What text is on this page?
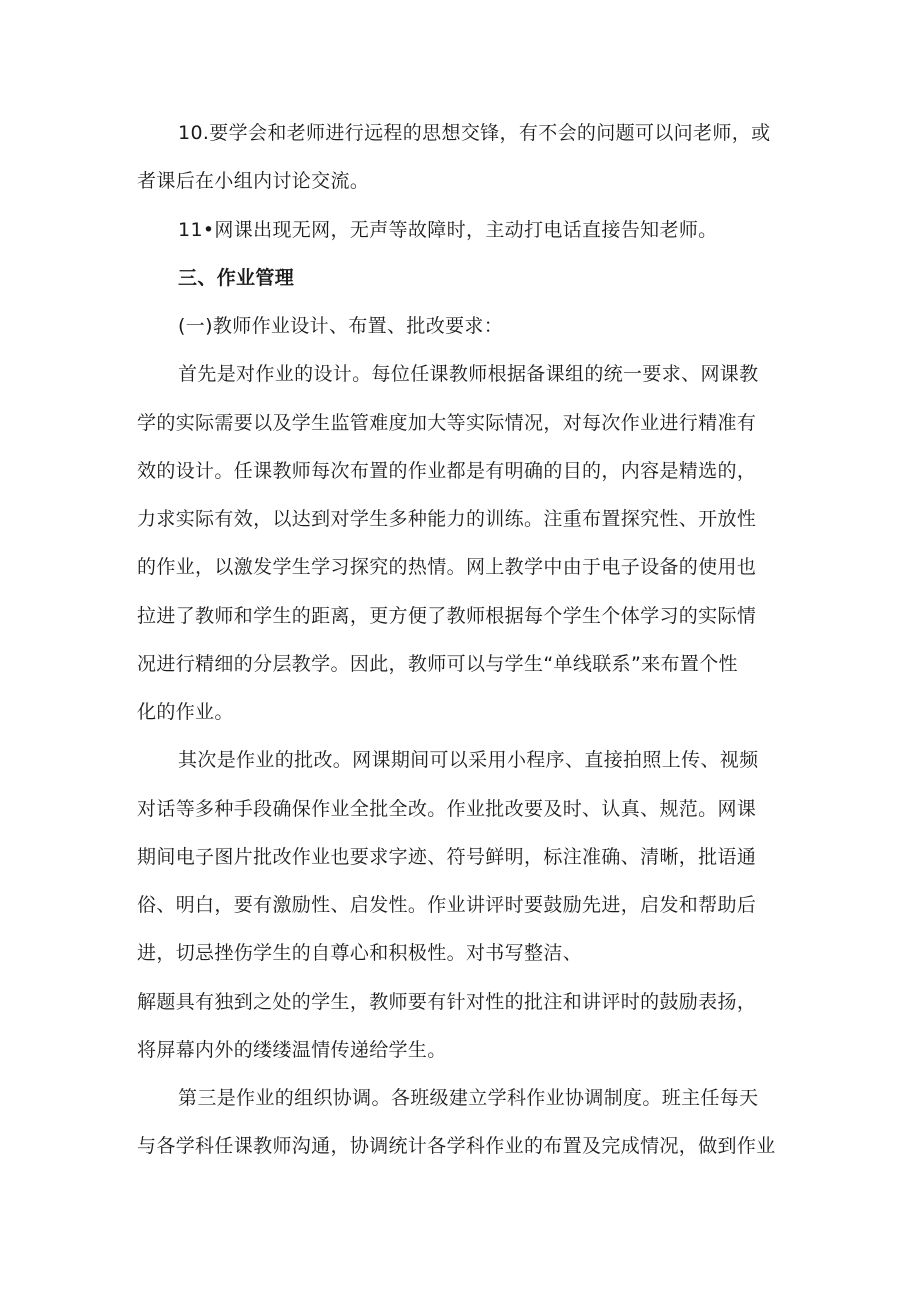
10.要学会和老师进行远程的思想交锋，有不会的问题可以问老师，或
者课后在小组内讨论交流。
11•网课出现无网，无声等故障时，主动打电话直接告知老师。
三、作业管理
(一)教师作业设计、布置、批改要求：
首先是对作业的设计。每位任课教师根据备课组的统一要求、网课教
学的实际需要以及学生监管难度加大等实际情况，对每次作业进行精准有
效的设计。任课教师每次布置的作业都是有明确的目的，内容是精选的，
力求实际有效，以达到对学生多种能力的训练。注重布置探究性、开放性
的作业，以激发学生学习探究的热情。网上教学中由于电子设备的使用也
拉进了教师和学生的距离，更方便了教师根据每个学生个体学习的实际情
况进行精细的分层教学。因此，教师可以与学生“单线联系”来布置个性
化的作业。
其次是作业的批改。网课期间可以采用小程序、直接拍照上传、视频
对话等多种手段确保作业全批全改。作业批改要及时、认真、规范。网课
期间电子图片批改作业也要求字迹、符号鲜明，标注准确、清晰，批语通
俗、明白，要有激励性、启发性。作业讲评时要鼓励先进，启发和帮助后
进，切忌挫伤学生的自尊心和积极性。对书写整洁、
解题具有独到之处的学生，教师要有针对性的批注和讲评时的鼓励表扬，
将屏幕内外的缕缕温情传递给学生。
第三是作业的组织协调。各班级建立学科作业协调制度。班主任每天
与各学科任课教师沟通，协调统计各学科作业的布置及完成情况，做到作业
